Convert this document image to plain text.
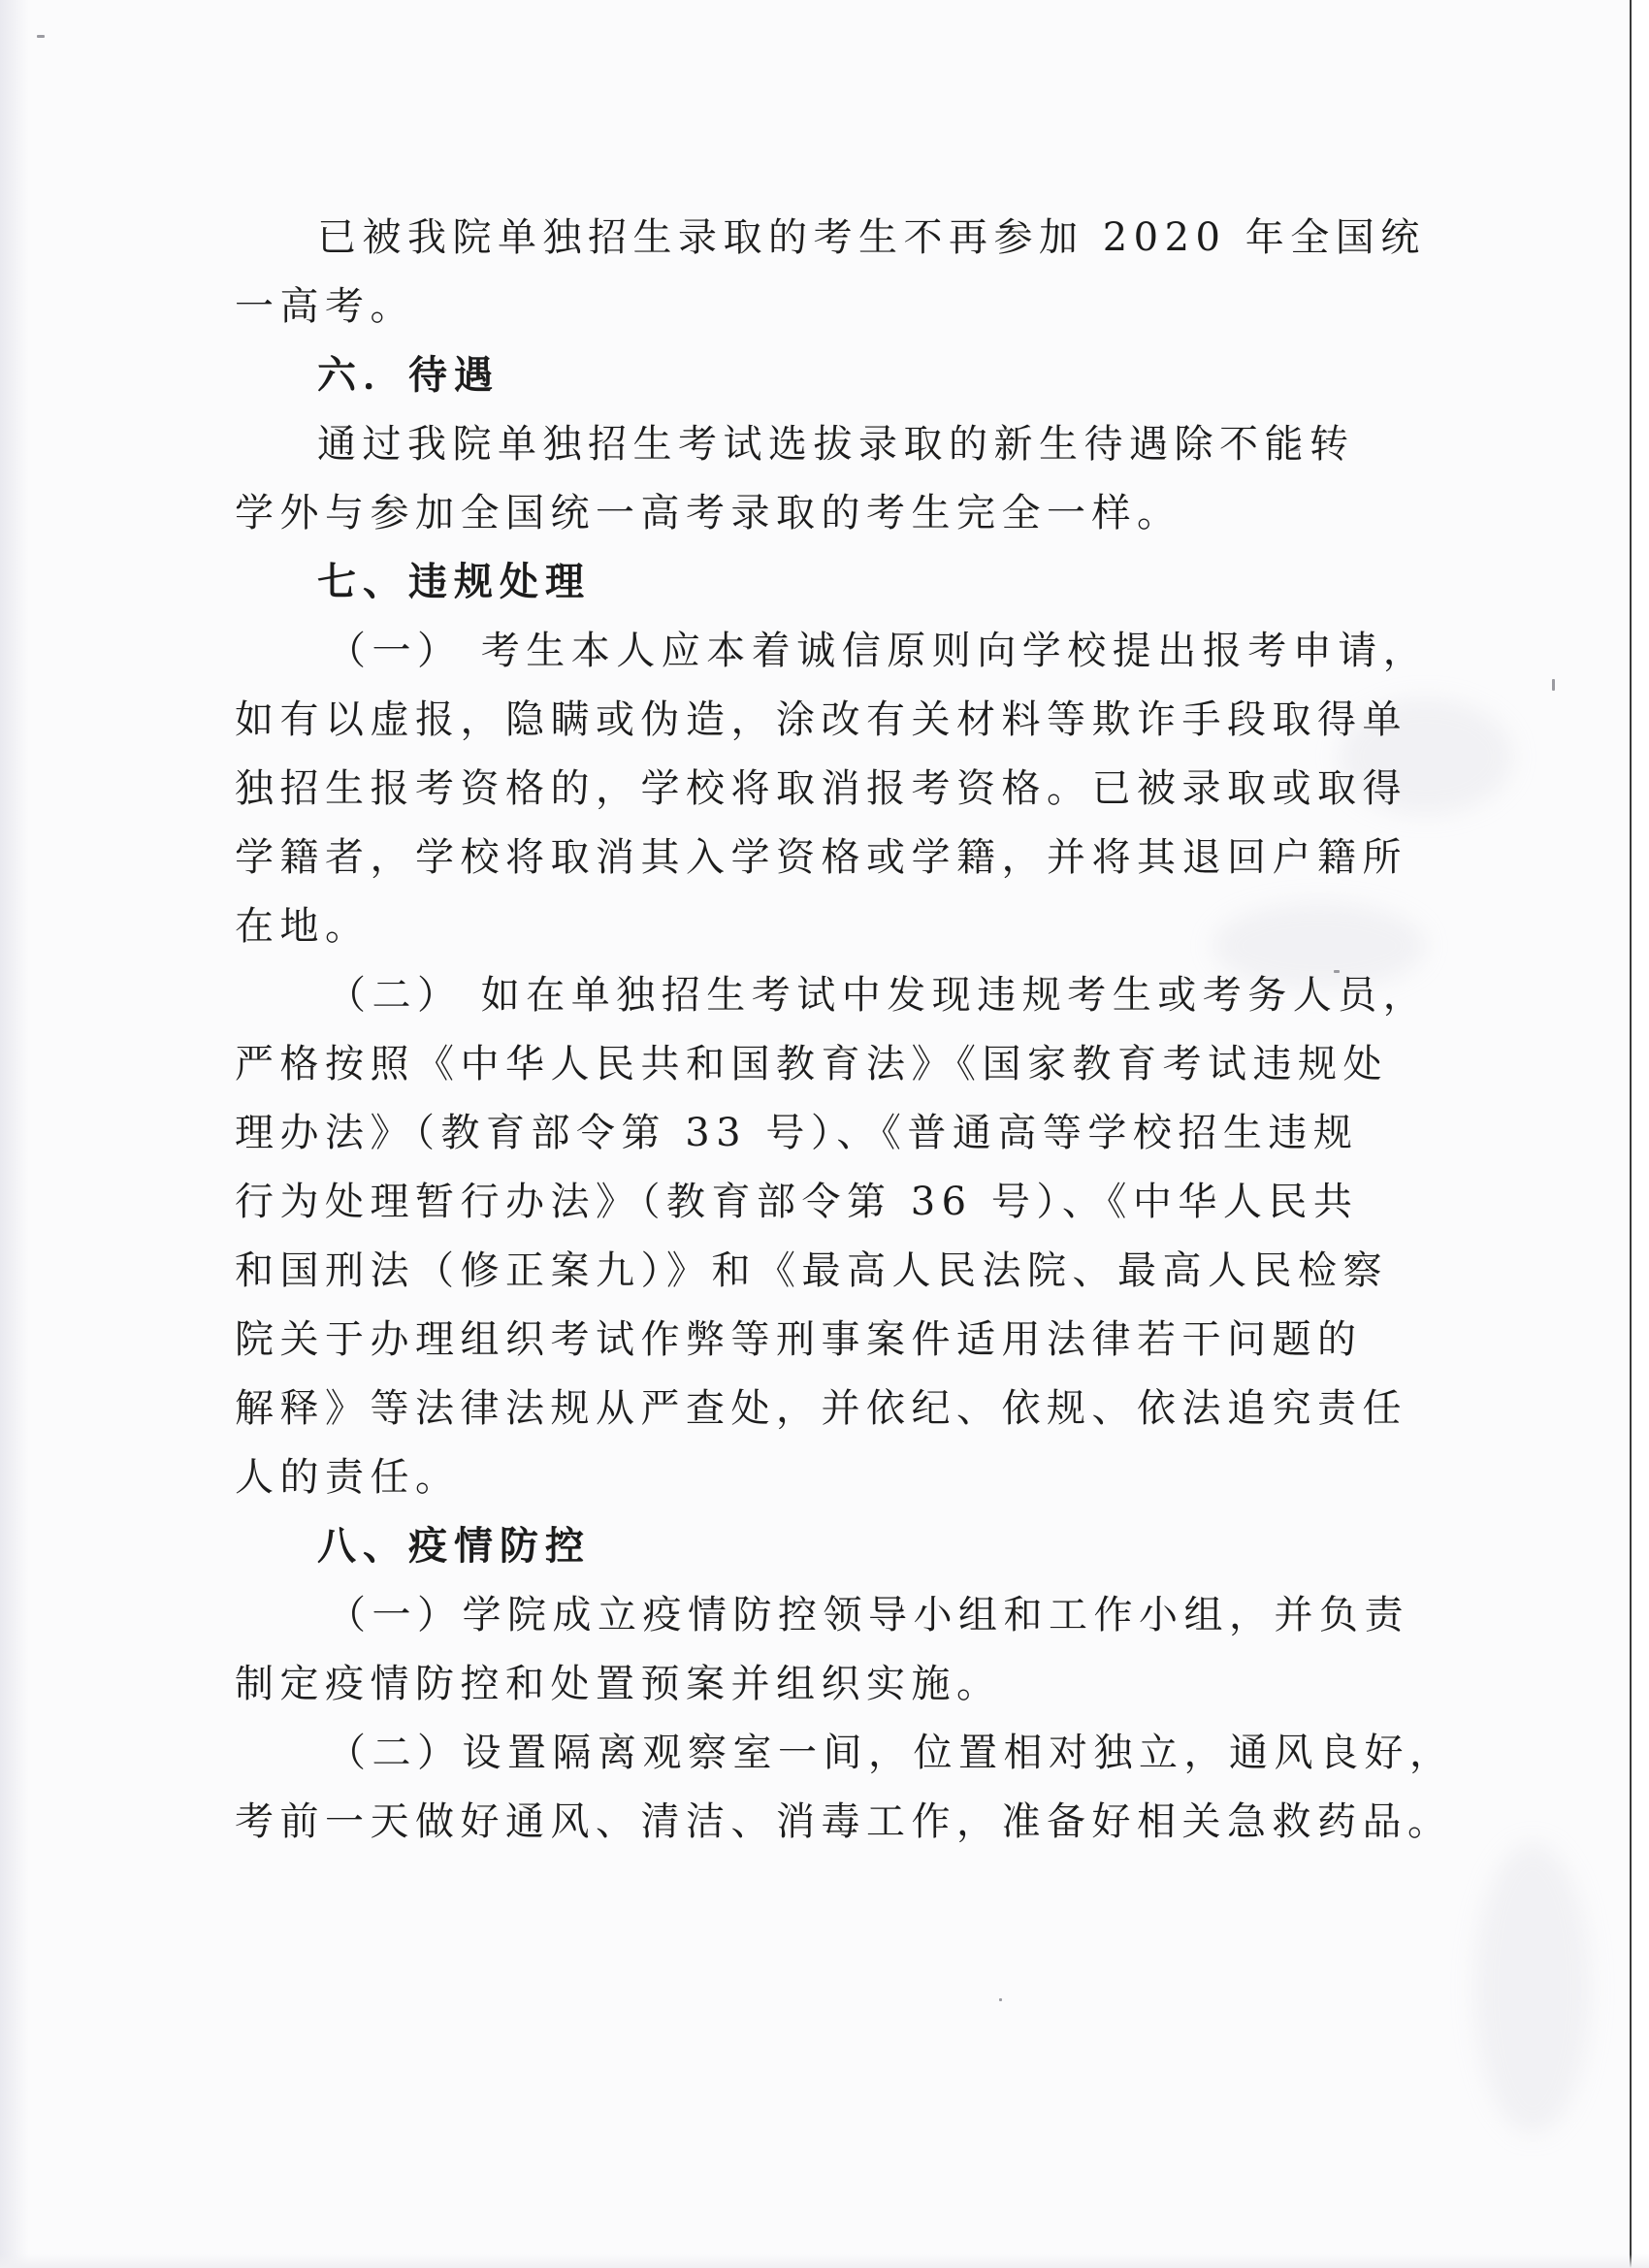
已被我院单独招生录取的考生不再参加 2020 年全国统
一高考。
六．待遇
通过我院单独招生考试选拔录取的新生待遇除不能转
学外与参加全国统一高考录取的考生完全一样。
七、违规处理
（一） 考生本人应本着诚信原则向学校提出报考申请，
如有以虚报，隐瞒或伪造，涂改有关材料等欺诈手段取得单
独招生报考资格的，学校将取消报考资格。已被录取或取得
学籍者，学校将取消其入学资格或学籍，并将其退回户籍所
在地。
（二） 如在单独招生考试中发现违规考生或考务人员，
严格按照《中华人民共和国教育法》《国家教育考试违规处
理办法》（教育部令第 33 号）、《普通高等学校招生违规
行为处理暂行办法》（教育部令第 36 号）、《中华人民共
和国刑法（修正案九）》和《最高人民法院、最高人民检察
院关于办理组织考试作弊等刑事案件适用法律若干问题的
解释》等法律法规从严查处，并依纪、依规、依法追究责任
人的责任。
八、疫情防控
（一）学院成立疫情防控领导小组和工作小组，并负责
制定疫情防控和处置预案并组织实施。
（二）设置隔离观察室一间，位置相对独立，通风良好，
考前一天做好通风、清洁、消毒工作，准备好相关急救药品。
